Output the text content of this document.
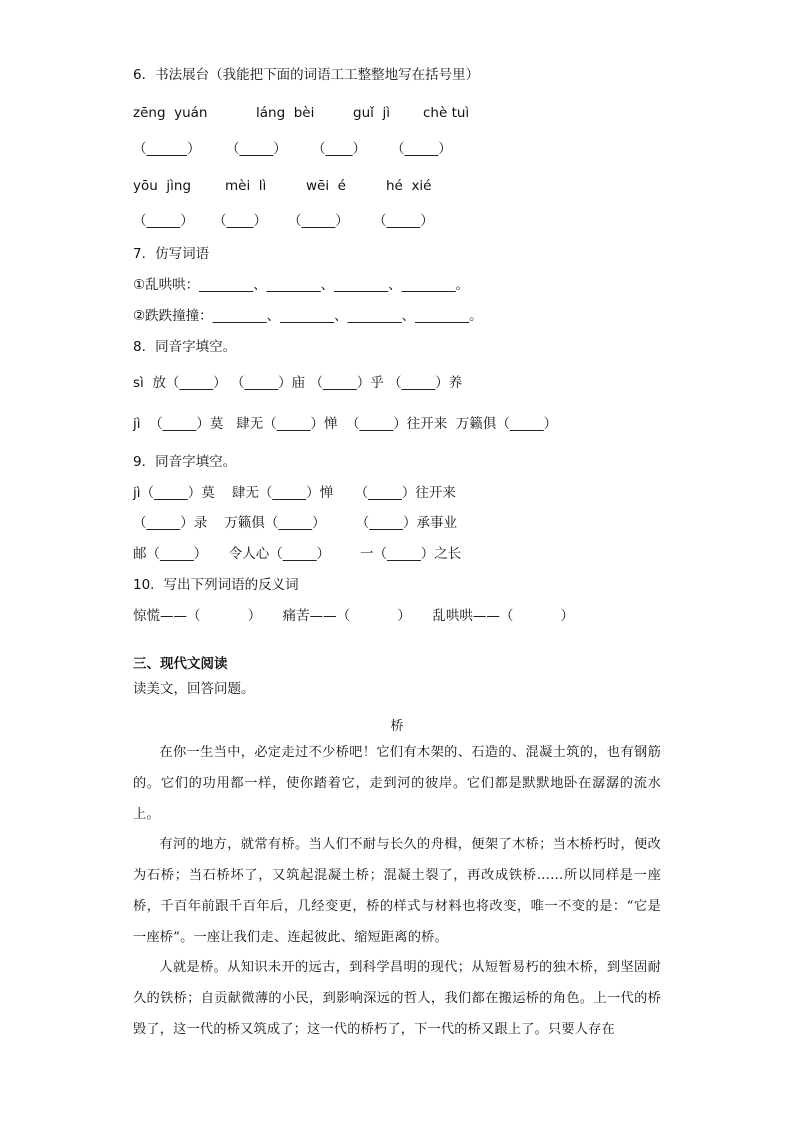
6．书法展台（我能把下面的词语工工整整地写在括号里）
zēng  yuán	láng  bèi	guǐ  jì chè tuì
（______） （_____） （____） （_____）
yōu  jìng	mèi  lì	wēi  é	hé  xié
（_____） （____） （_____） （_____）
7．仿写词语
①乱哄哄：________、________、________、________。
②跌跌撞撞：________、________、________、________。
8．同音字填空。
sì  放（_____） （_____）庙 （_____）乎 （_____）养
jì  （_____）莫   肆无（_____）惮  （_____）往开来  万籁俱（_____）
9．同音字填空。
jì（_____）莫    肆无（_____）惮     （_____）往开来
（_____）录    万籁俱（_____）       （_____）承事业
邮（_____）     令人心（_____）       一（_____）之长
10．写出下列词语的反义词
惊慌——（           ）     痛苦——（           ）     乱哄哄——（           ）
三、现代文阅读
读美文，回答问题。
桥
在你一生当中，必定走过不少桥吧！它们有木架的、石造的、混凝土筑的，也有钢筋的。它们的功用都一样，使你踏着它，走到河的彼岸。它们都是默默地卧在潺潺的流水上。
有河的地方，就常有桥。当人们不耐与长久的舟楫，便架了木桥；当木桥朽时，便改为石桥；当石桥坏了，又筑起混凝土桥；混凝土裂了，再改成铁桥……所以同样是一座桥，千百年前跟千百年后，几经变更，桥的样式与材料也将改变，唯一不变的是：“它是一座桥”。一座让我们走、连起彼此、缩短距离的桥。
人就是桥。从知识未开的远古，到科学昌明的现代；从短暂易朽的独木桥，到坚固耐久的铁桥；自贡献微薄的小民，到影响深远的哲人，我们都在搬运桥的角色。上一代的桥毁了，这一代的桥又筑成了；这一代的桥朽了，下一代的桥又跟上了。只要人存在
